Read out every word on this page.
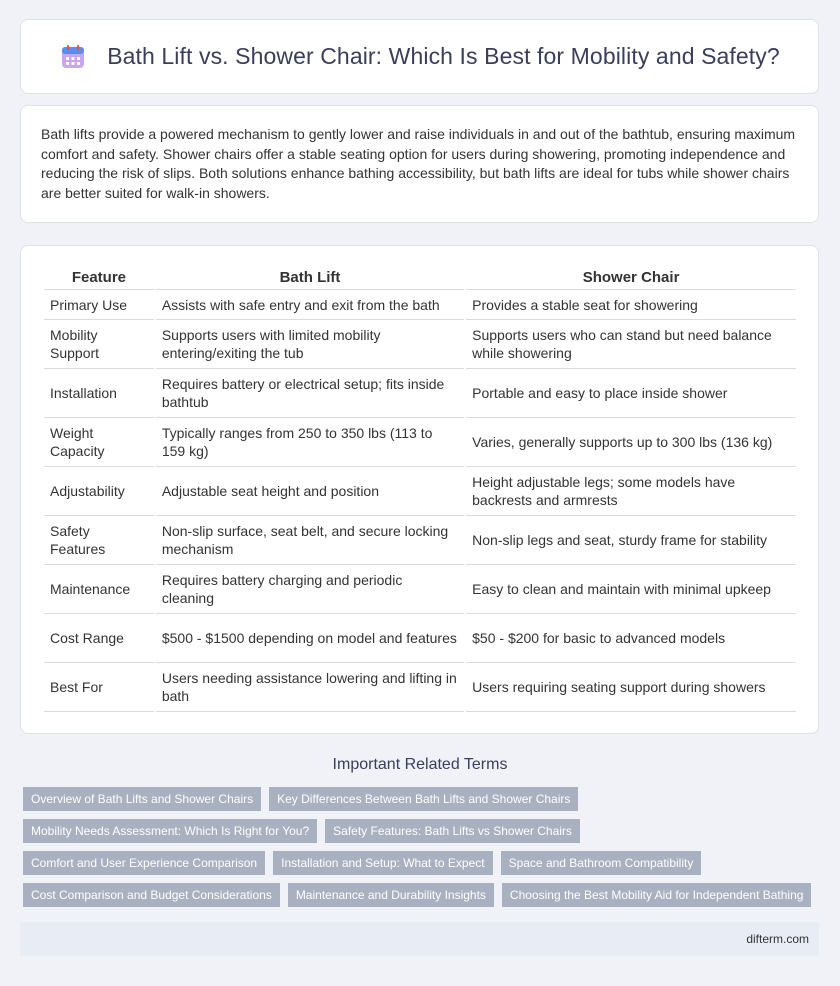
Bath Lift vs. Shower Chair: Which Is Best for Mobility and Safety?

Bath lifts provide a powered mechanism to gently lower and raise individuals in and out of the bathtub, ensuring maximum comfort and safety. Shower chairs offer a stable seating option for users during showering, promoting independence and reducing the risk of slips. Both solutions enhance bathing accessibility, but bath lifts are ideal for tubs while shower chairs are better suited for walk-in showers.

Feature	Bath Lift	Shower Chair
Primary Use	Assists with safe entry and exit from the bath	Provides a stable seat for showering
Mobility Support	Supports users with limited mobility entering/exiting the tub	Supports users who can stand but need balance while showering
Installation	Requires battery or electrical setup; fits inside bathtub	Portable and easy to place inside shower
Weight Capacity	Typically ranges from 250 to 350 lbs (113 to 159 kg)	Varies, generally supports up to 300 lbs (136 kg)
Adjustability	Adjustable seat height and position	Height adjustable legs; some models have backrests and armrests
Safety Features	Non-slip surface, seat belt, and secure locking mechanism	Non-slip legs and seat, sturdy frame for stability
Maintenance	Requires battery charging and periodic cleaning	Easy to clean and maintain with minimal upkeep
Cost Range	$500 - $1500 depending on model and features	$50 - $200 for basic to advanced models
Best For	Users needing assistance lowering and lifting in bath	Users requiring seating support during showers
Important Related Terms
Overview of Bath Lifts and Shower Chairs	Key Differences Between Bath Lifts and Shower Chairs
Mobility Needs Assessment: Which Is Right for You?	Safety Features: Bath Lifts vs Shower Chairs
Comfort and User Experience Comparison	Installation and Setup: What to Expect	Space and Bathroom Compatibility
Cost Comparison and Budget Considerations	Maintenance and Durability Insights	Choosing the Best Mobility Aid for Independent Bathing
difterm.com
